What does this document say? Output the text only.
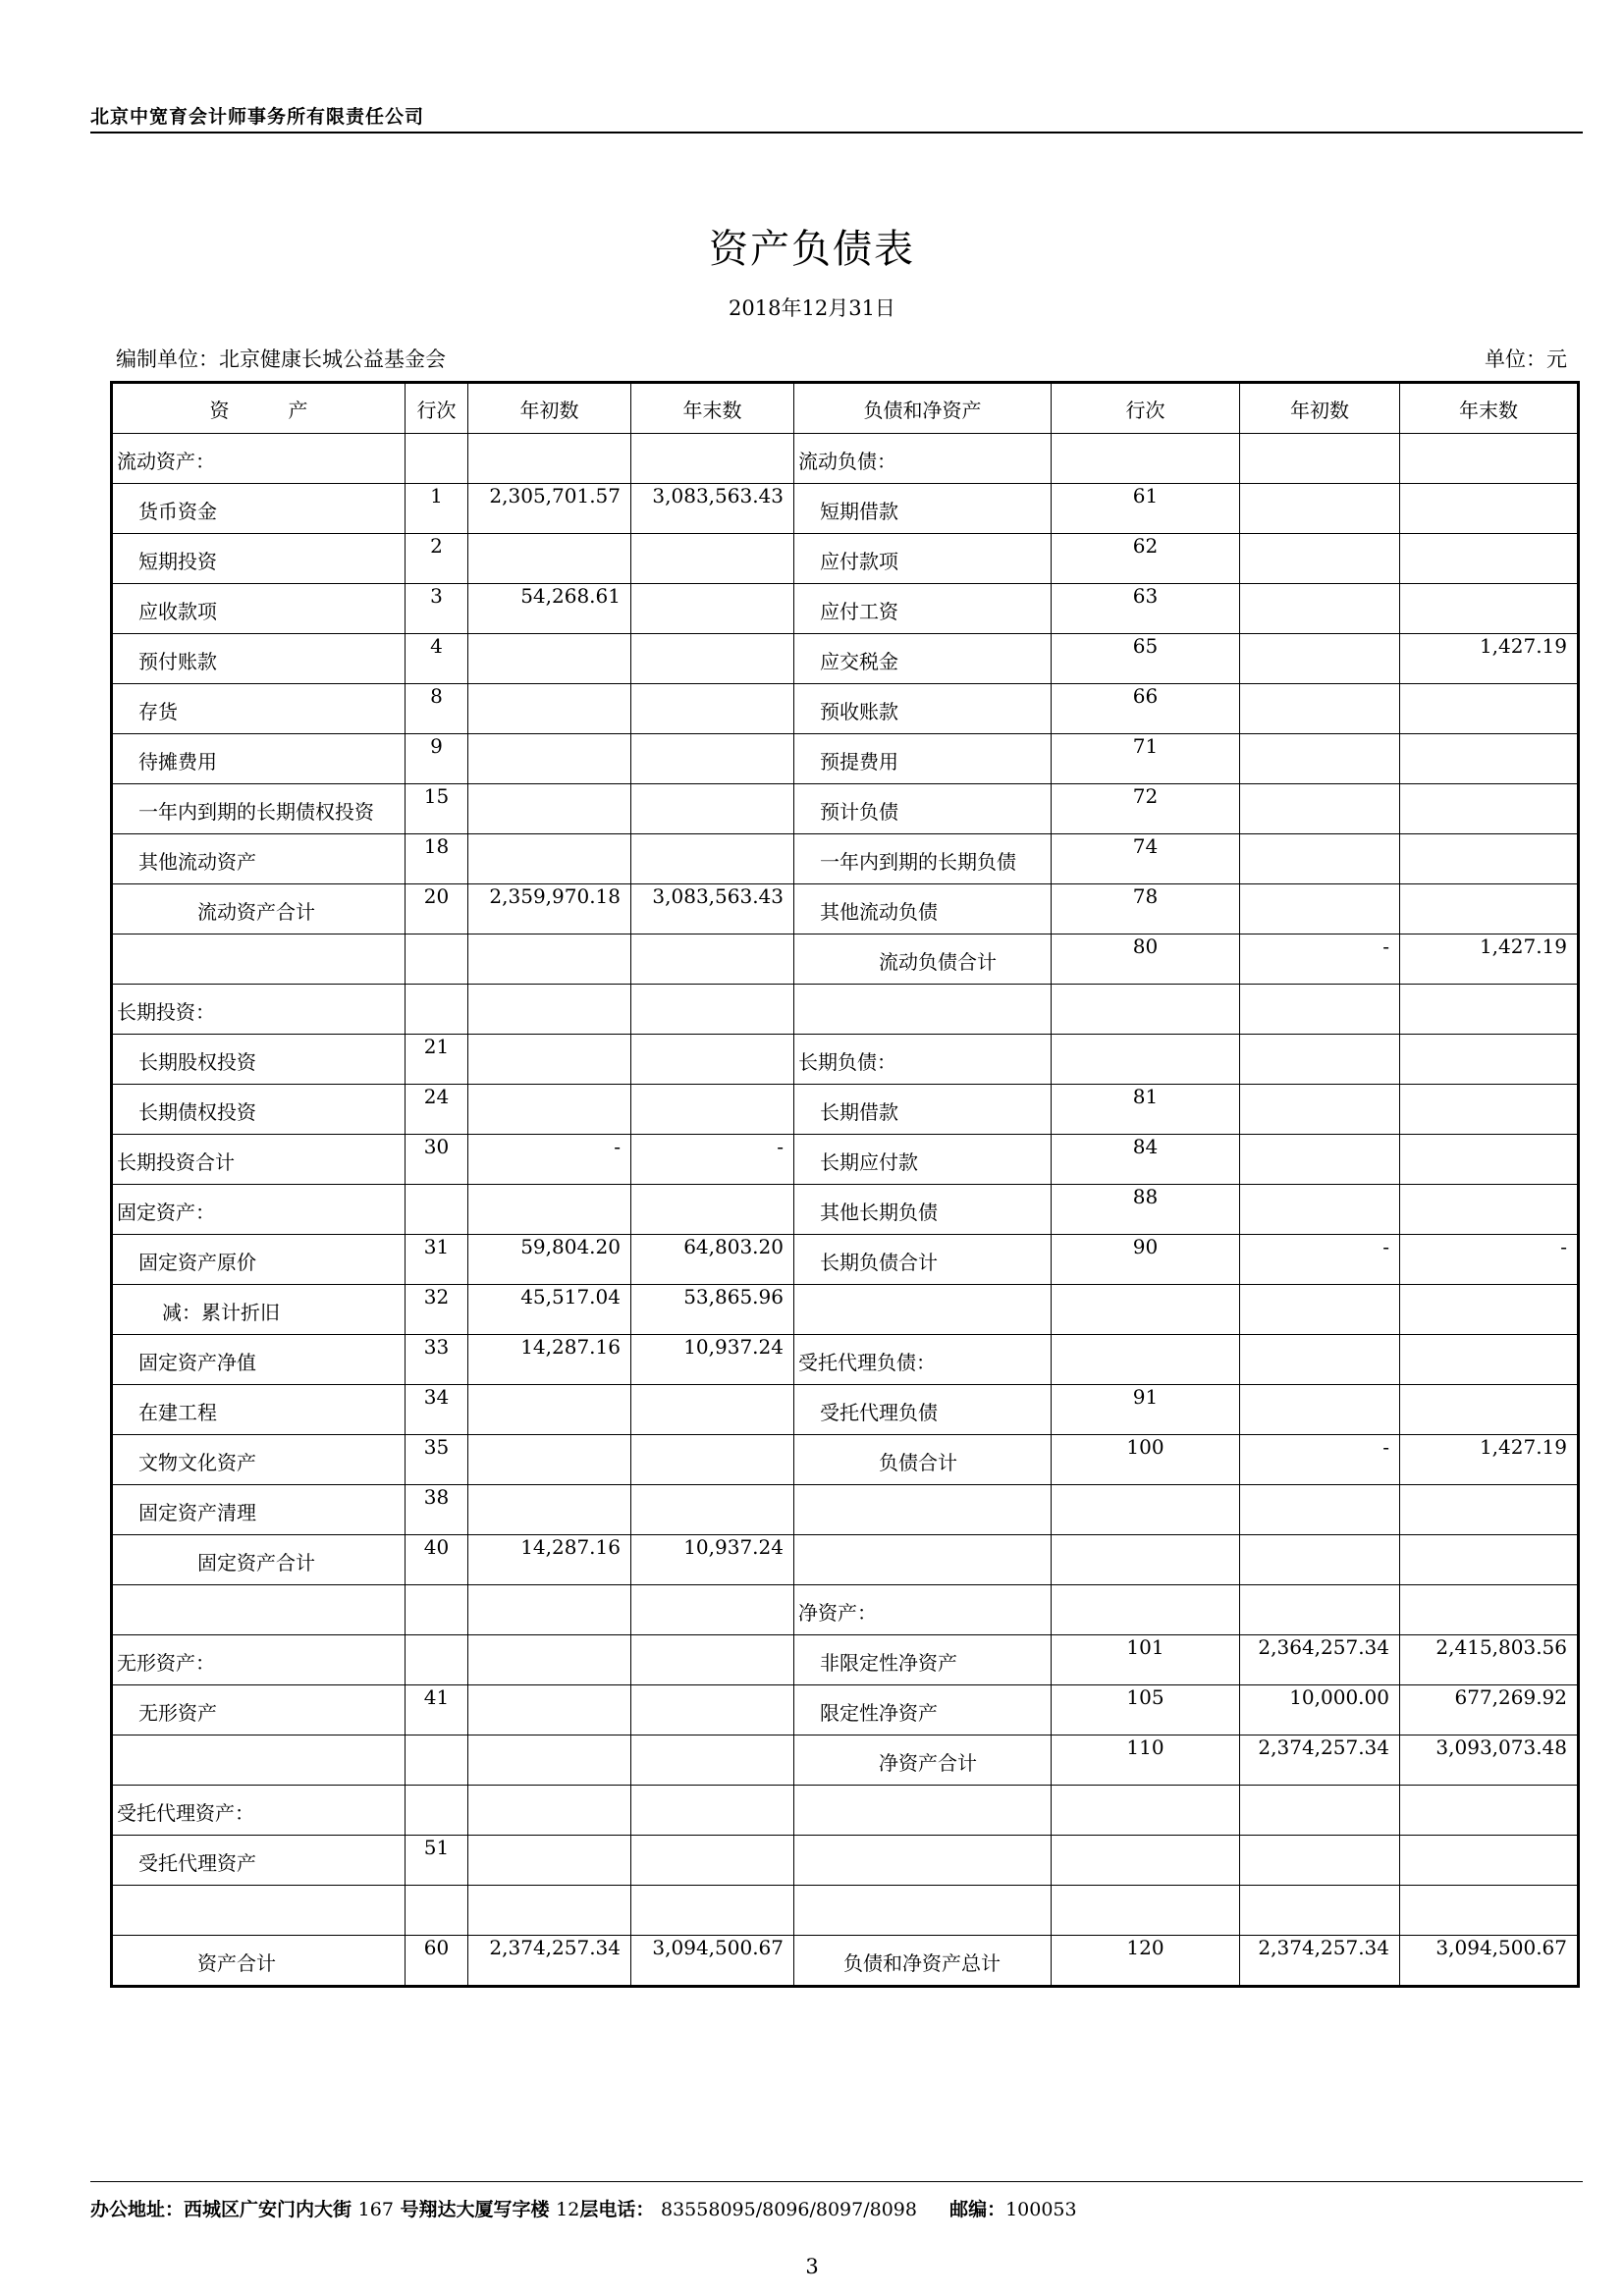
北京中宽育会计师事务所有限责任公司
资产负债表
2018年12月31日
编制单位：北京健康长城公益基金会	单位：元
资　　　产	行次	年初数	年末数	负债和净资产	行次	年初数	年末数

流动资产：				流动负债：			

货币资金	1	2,305,701.57	3,083,563.43	短期借款	61		

短期投资	2			应付款项	62		

应收款项	3	54,268.61		应付工资	63		

预付账款	4			应交税金	65		1,427.19

存货	8			预收账款	66		

待摊费用	9			预提费用	71		

一年内到期的长期债权投资	15			预计负债	72		

其他流动资产	18			一年内到期的长期负债	74		

流动资产合计	20	2,359,970.18	3,083,563.43	其他流动负债	78		

				流动负债合计	80	-	1,427.19

长期投资：							

长期股权投资	21			长期负债：			

长期债权投资	24			长期借款	81		

长期投资合计	30	-	-	长期应付款	84		

固定资产：				其他长期负债	88		

固定资产原价	31	59,804.20	64,803.20	长期负债合计	90	-	-

减：累计折旧	32	45,517.04	53,865.96				

固定资产净值	33	14,287.16	10,937.24	受托代理负债：			

在建工程	34			受托代理负债	91		

文物文化资产	35			负债合计	100	-	1,427.19

固定资产清理	38						

固定资产合计	40	14,287.16	10,937.24				

				净资产：			

无形资产：				非限定性净资产	101	2,364,257.34	2,415,803.56

无形资产	41			限定性净资产	105	10,000.00	677,269.92

				净资产合计	110	2,374,257.34	3,093,073.48

受托代理资产：							

受托代理资产	51						

资产合计	60	2,374,257.34	3,094,500.67	负债和净资产总计	120	2,374,257.34	3,094,500.67
办公地址：西城区广安门内大街 167 号翔达大厦写字楼 12层电话： 83558095/8096/8097/8098 邮编：100053
3
